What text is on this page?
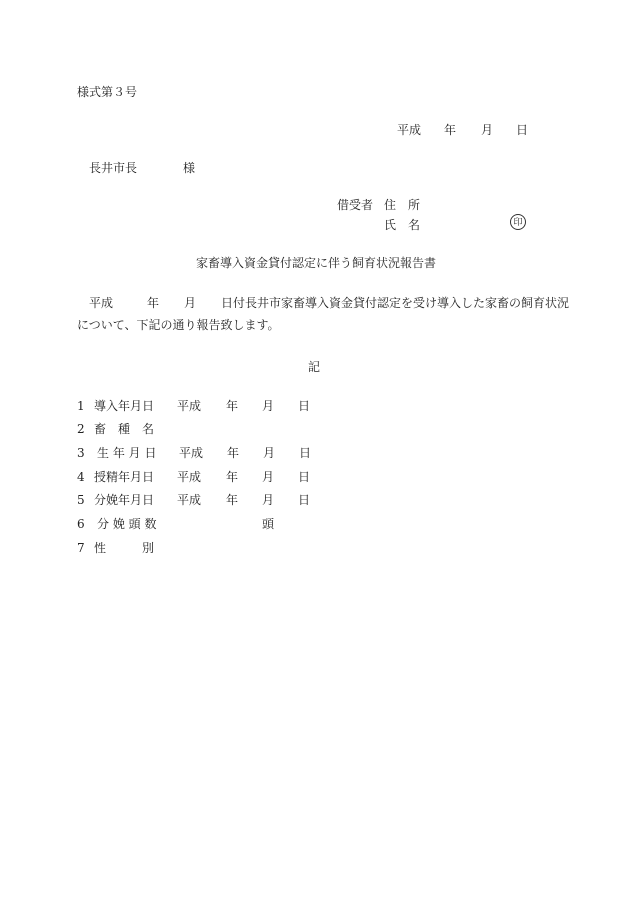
様式第３号
平成 年 月 日
長井市長	様
借受者 住　所
氏　名	印
家畜導入資金貸付認定に伴う飼育状況報告書
平成	年 月 日付長井市家畜導入資金貸付認定を受け導入した家畜の飼育状況
について、下記の通り報告致します。
記
1 導入年月日 平成 年 月 日
2 畜　種　名
3 生 年 月 日 平成 年 月 日
4 授精年月日 平成 年 月 日
5 分娩年月日 平成 年 月 日
6 分 娩 頭 数	頭
7 性　　　別
